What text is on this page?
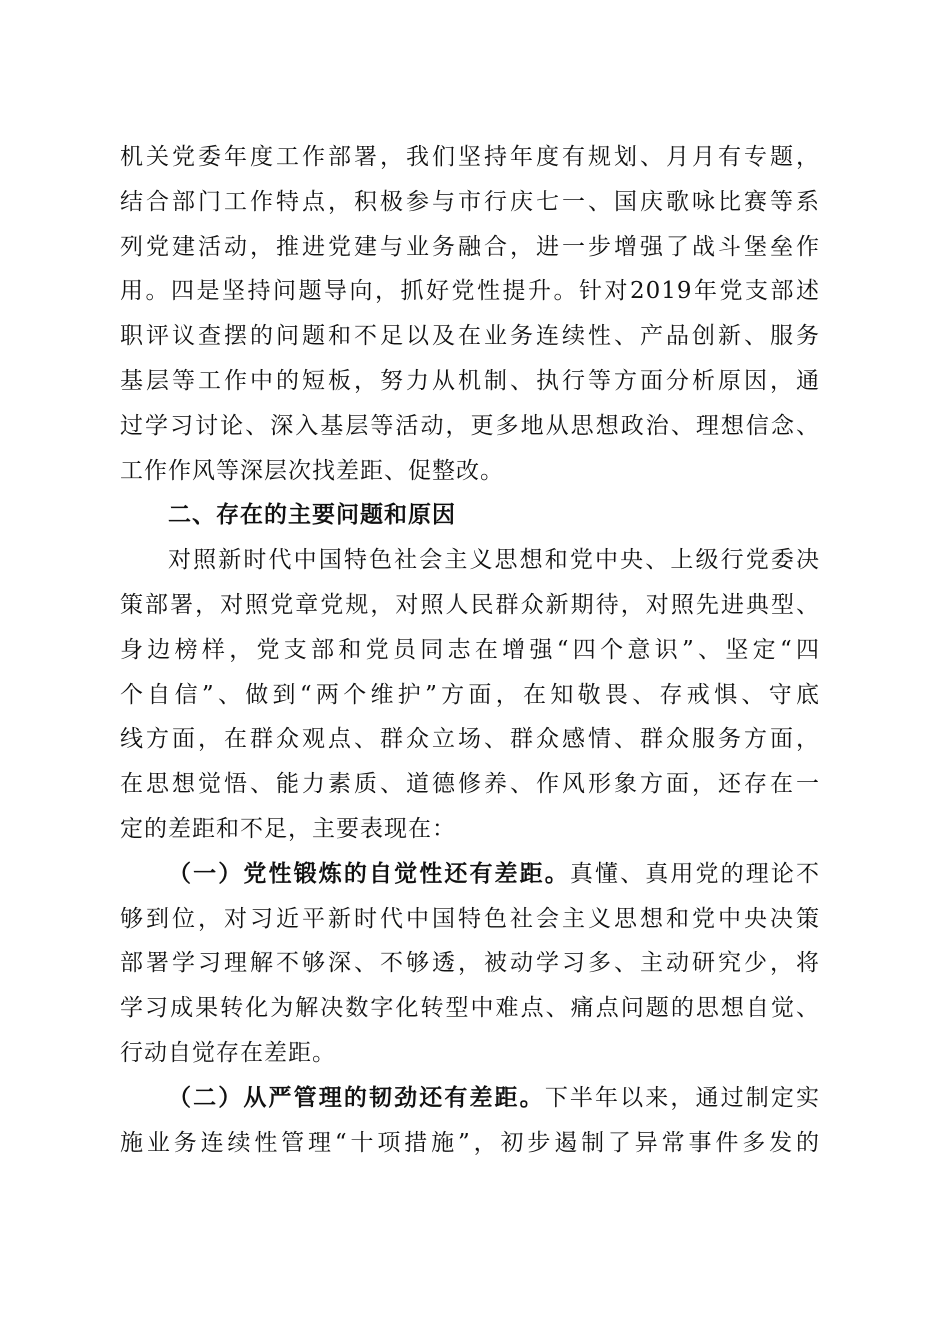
机关党委年度工作部署，我们坚持年度有规划、月月有专题，
结合部门工作特点，积极参与市行庆七一、国庆歌咏比赛等系
列党建活动，推进党建与业务融合，进一步增强了战斗堡垒作
用。四是坚持问题导向，抓好党性提升。针对2019年党支部述
职评议查摆的问题和不足以及在业务连续性、产品创新、服务
基层等工作中的短板，努力从机制、执行等方面分析原因，通
过学习讨论、深入基层等活动，更多地从思想政治、理想信念、
工作作风等深层次找差距、促整改。
二、存在的主要问题和原因
对照新时代中国特色社会主义思想和党中央、上级行党委决
策部署，对照党章党规，对照人民群众新期待，对照先进典型、
身边榜样，党支部和党员同志在增强“四个意识”、坚定“四
个自信”、做到“两个维护”方面，在知敬畏、存戒惧、守底
线方面，在群众观点、群众立场、群众感情、群众服务方面，
在思想觉悟、能力素质、道德修养、作风形象方面，还存在一
定的差距和不足，主要表现在：
（一）党性锻炼的自觉性还有差距。真懂、真用党的理论不
够到位，对习近平新时代中国特色社会主义思想和党中央决策
部署学习理解不够深、不够透，被动学习多、主动研究少，将
学习成果转化为解决数字化转型中难点、痛点问题的思想自觉、
行动自觉存在差距。
（二）从严管理的韧劲还有差距。下半年以来，通过制定实
施业务连续性管理“十项措施”，初步遏制了异常事件多发的
